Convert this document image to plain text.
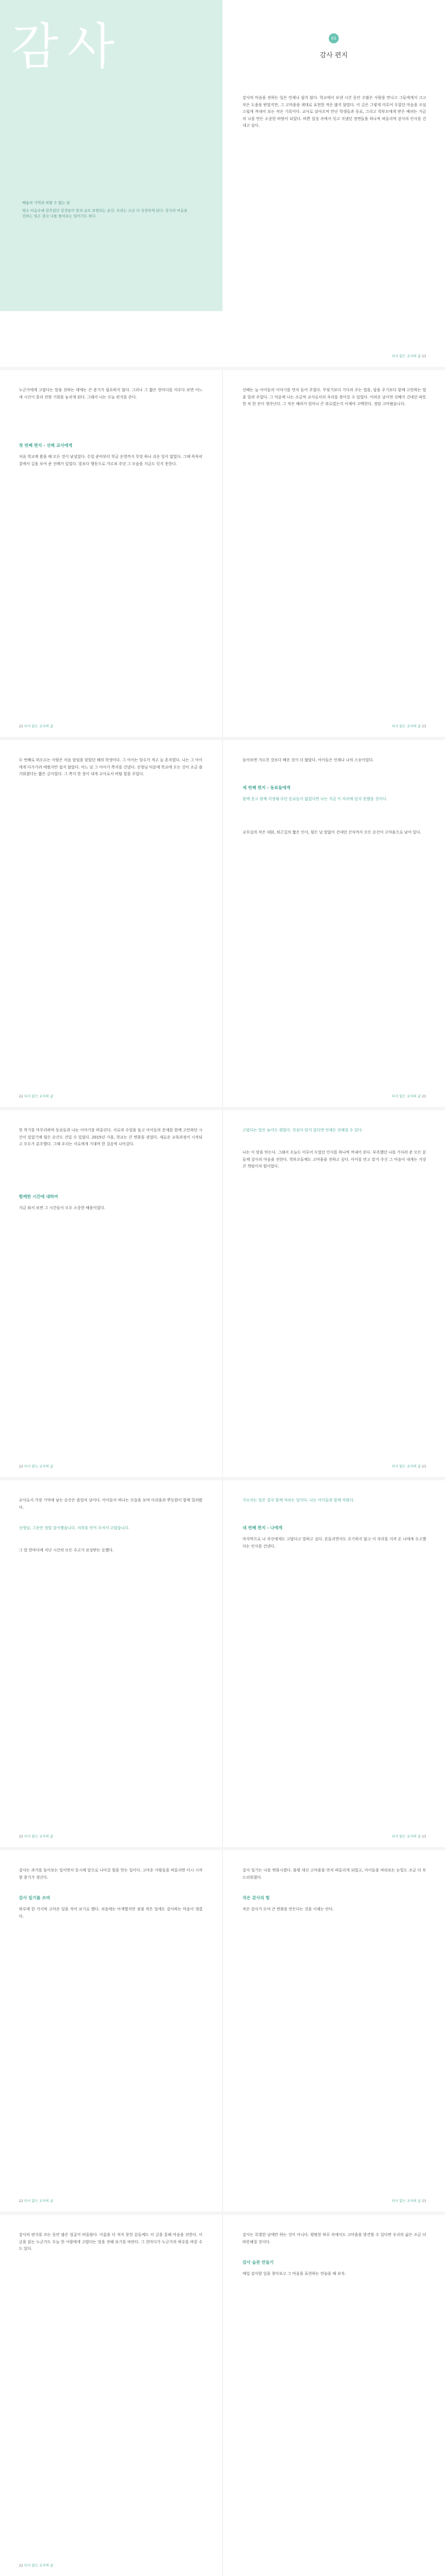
감사
배움의 기억과 피할 수 없는 날
평소 마음속에 감추었던 감정들이 말과 글로 표현되는 순간, 우리는 조금 더 성장하게 된다. 감사의 마음을 전하는 일은 결국 나를 돌아보는 일이기도 하다.
01
감사 편지
감사의 마음을 전하는 일은 언제나 쉽지 않다. 학교에서 보낸 시간 동안 수많은 사람을 만나고 그들에게서 크고 작은 도움을 받았지만, 그 고마움을 제대로 표현한 적은 많지 않았다. 이 글은 그렇게 미루어 두었던 마음을 조심스럽게 꺼내어 보는 작은 기록이다. 교사로 살아오며 만난 학생들과 동료, 그리고 학부모에게 받은 배려는 지금의 나를 만든 소중한 바탕이 되었다. 바쁜 일상 속에서 잊고 지냈던 장면들을 하나씩 떠올리며 감사의 인사를 건네고 싶다.
다시 읽는 교사의 글 23
누군가에게 고맙다는 말을 전하는 데에는 큰 용기가 필요하지 않다. 그러나 그 짧은 한마디를 미루다 보면 어느새 시간이 흘러 전할 기회를 놓치게 된다. 그래서 나는 오늘 편지를 쓴다.
첫 번째 편지 - 선배 교사에게
처음 학교에 왔을 때 모든 것이 낯설었다. 수업 준비부터 학급 운영까지 무엇 하나 쉬운 일이 없었다. 그때 묵묵히 곁에서 길을 보여 준 선배가 있었다. 말보다 행동으로 가르쳐 주던 그 모습을 지금도 잊지 못한다.
선배는 늘 아이들의 이야기를 먼저 들어 주었다. 꾸짖기보다 기다려 주는 법을, 답을 주기보다 함께 고민하는 법을 알려 주었다. 그 덕분에 나는 조금씩 교사로서의 자리를 찾아갈 수 있었다. 어려운 날이면 선배가 건네던 따뜻한 차 한 잔이 생각난다. 그 작은 배려가 얼마나 큰 위로였는지 이제야 고백한다. 정말 고마웠습니다.
22 다시 읽는 교사의 글	다시 읽는 교사의 글 23
두 번째로 떠오르는 사람은 처음 담임을 맡았던 해의 학생이다. 그 아이는 말수가 적고 늘 혼자였다. 나는 그 아이에게 다가가려 애썼지만 쉽지 않았다. 어느 날 그 아이가 쪽지를 건넸다. 선생님 덕분에 학교에 오는 것이 조금 즐거워졌다는 짧은 글이었다. 그 쪽지 한 장이 내게 교사로서 버틸 힘을 주었다.
돌아보면 가르친 것보다 배운 것이 더 많았다. 아이들은 언제나 나의 스승이었다.
세 번째 편지 - 동료들에게
함께 웃고 함께 걱정해 주던 동료들이 없었다면 나는 지금 이 자리에 있지 못했을 것이다.
교무실의 작은 대화, 퇴근길의 짧은 인사, 힘든 날 말없이 건네던 간식까지 모든 순간이 고마움으로 남아 있다.
22 다시 읽는 교사의 글	다시 읽는 교사의 글 23
한 학기를 마무리하며 동료들과 나눈 이야기를 떠올린다. 서로의 수업을 돕고 아이들의 문제를 함께 고민하던 시간이 있었기에 힘든 순간도 견딜 수 있었다. 2015년 가을, 학교는 큰 변화를 겪었다. 새로운 교육과정이 시작되고 모두가 분주했다. 그때 우리는 서로에게 기대며 한 걸음씩 나아갔다.
함께한 시간에 대하여
지금 와서 보면 그 시간들이 모두 소중한 배움이었다.
고맙다는 말은 늦어도 괜찮다. 진심이 담겨 있다면 언제든 전해질 수 있다.
나는 이 말을 믿는다. 그래서 오늘도 미루어 두었던 인사를 하나씩 꺼내어 본다. 부족했던 나를 기다려 준 모든 분들께 감사의 마음을 전한다. 학부모들께도 고마움을 전하고 싶다. 아이를 믿고 맡겨 주신 그 마음이 내게는 가장 큰 책임이자 힘이었다.
22 다시 읽는 교사의 글	다시 읽는 교사의 글 23
교사로서 가장 기억에 남는 순간은 졸업식 날이다. 아이들이 떠나는 모습을 보며 아쉬움과 뿌듯함이 함께 밀려왔다.
선생님, 그동안 정말 감사했습니다. 저희를 믿어 주셔서 고맙습니다.
그 말 한마디에 지난 시간의 모든 수고가 보상받는 듯했다.
가르치는 일은 결국 함께 자라는 일이다. 나는 아이들과 함께 자랐다.
네 번째 편지 - 나에게
마지막으로 나 자신에게도 고맙다고 말하고 싶다. 흔들리면서도 포기하지 않고 이 자리를 지켜 온 나에게 수고했다는 인사를 건넨다.
22 다시 읽는 교사의 글	다시 읽는 교사의 글 23
감사는 과거를 돌아보는 일이면서 동시에 앞으로 나아갈 힘을 얻는 일이다. 고마운 사람들을 떠올리면 다시 시작할 용기가 생긴다.
감사 일기를 쓰며
하루에 한 가지씩 고마운 일을 적어 보기로 했다. 처음에는 어색했지만 점점 작은 일에도 감사하는 마음이 생겼다.
감사 일기는 나를 변화시켰다. 불평 대신 고마움을 먼저 떠올리게 되었고, 아이들을 바라보는 눈빛도 조금 더 부드러워졌다.
작은 감사의 힘
작은 감사가 모여 큰 변화를 만든다는 것을 이제는 안다.
22 다시 읽는 교사의 글	다시 읽는 교사의 글 23
감사의 편지를 쓰는 동안 많은 얼굴이 떠올랐다. 이름을 다 적지 못한 분들께도 이 글을 통해 마음을 전한다. 이 글을 읽는 누군가도 오늘 한 사람에게 고맙다는 말을 전해 보기를 바란다. 그 한마디가 누군가의 하루를 바꿀 수도 있다.
감사는 특별한 날에만 하는 것이 아니다. 평범한 하루 속에서도 고마움을 발견할 수 있다면 우리의 삶은 조금 더 따뜻해질 것이다.
감사 습관 만들기
매일 감사할 일을 찾아보고 그 마음을 표현하는 연습을 해 보자.
22 다시 읽는 교사의 글
